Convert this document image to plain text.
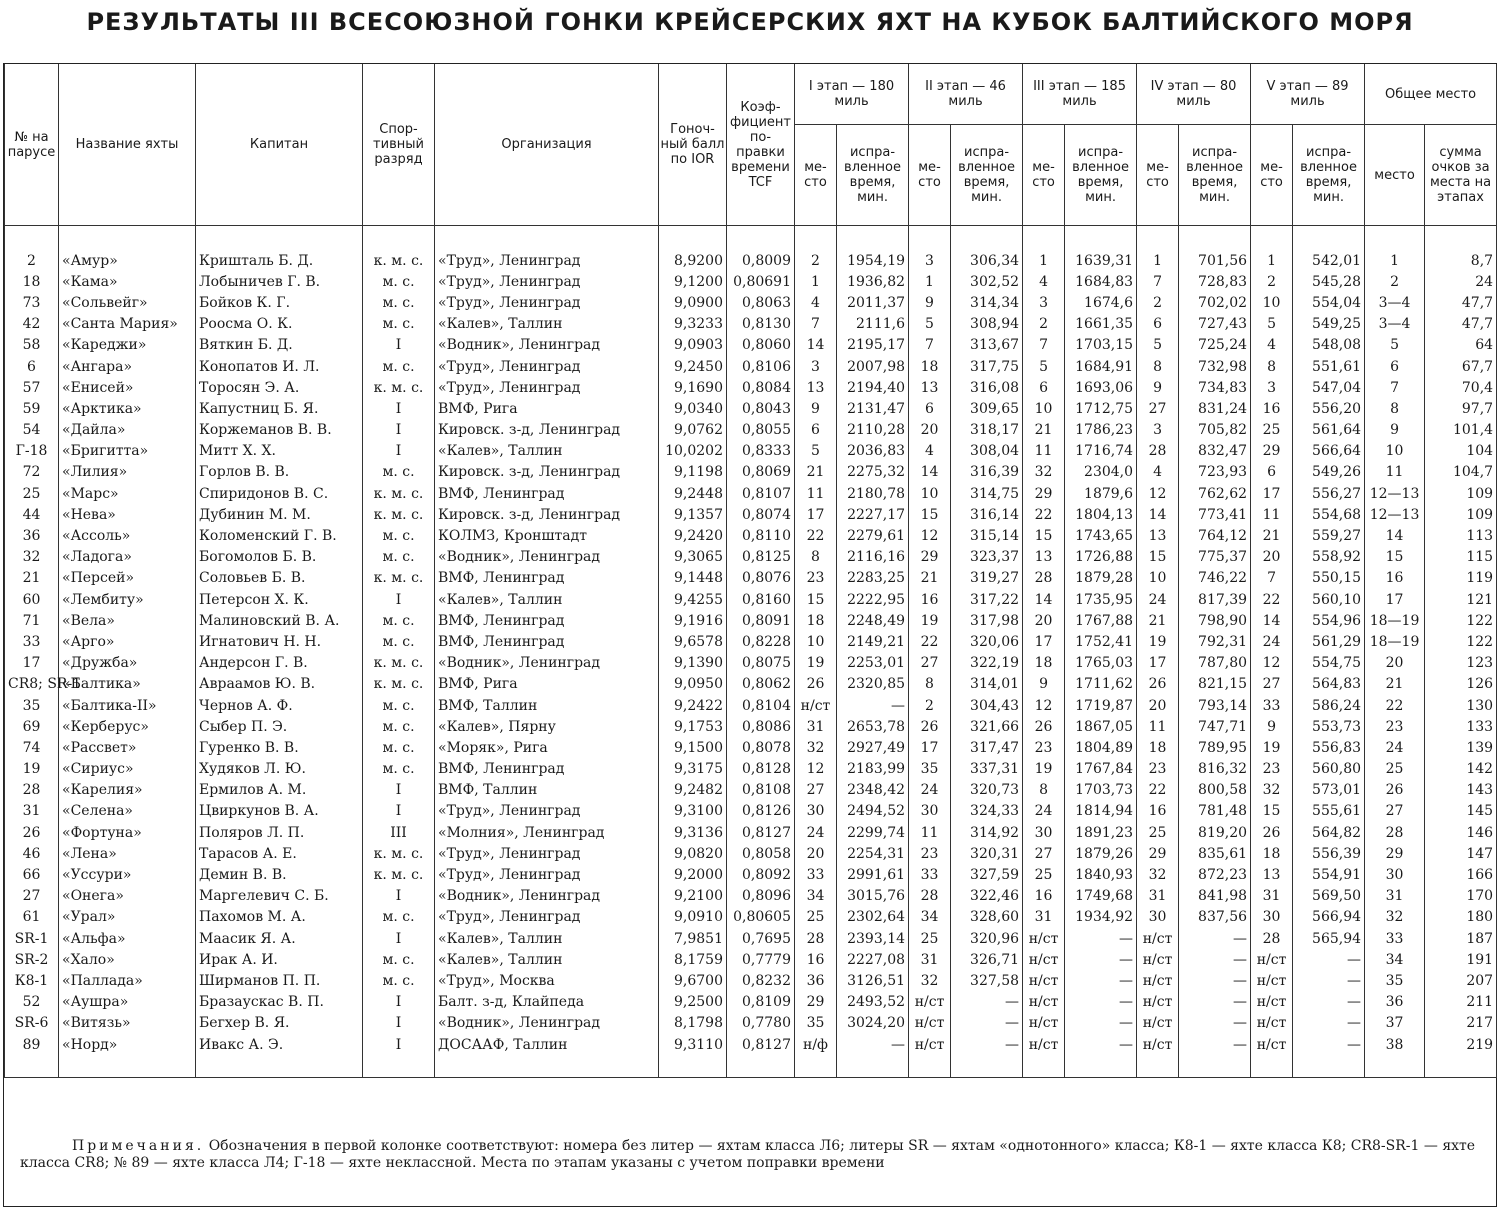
РЕЗУЛЬТАТЫ III ВСЕСОЮЗНОЙ ГОНКИ КРЕЙСЕРСКИХ ЯХТ НА КУБОК БАЛТИЙСКОГО МОРЯ
№ на парусе	Название яхты	Капитан	Спортивный разряд	Организация	Гоночный балл по IOR	Коэффициент поправки времени TCF	I этап — 180 миль		II этап — 46 миль		III этап — 185 миль		IV этап — 80 миль		V этап — 89 миль		Общее место	
							место	исправленное время, мин.	место	исправленное время, мин.	место	исправленное время, мин.	место	исправленное время, мин.	место	исправленное время, мин.	место	сумма очков за места на этапах

2	«Амур»	Кришталь Б. Д.	к. м. с.	«Труд», Ленинград	8,9200	0,8009	2	1954,19	3	306,34	1	1639,31	1	701,56	1	542,01	1	8,7
18	«Кама»	Лобыничев Г. В.	м. с.	«Труд», Ленинград	9,1200	0,80691	1	1936,82	1	302,52	4	1684,83	7	728,83	2	545,28	2	24
73	«Сольвейг»	Бойков К. Г.	м. с.	«Труд», Ленинград	9,0900	0,8063	4	2011,37	9	314,34	3	1674,6	2	702,02	10	554,04	3—4	47,7
42	«Санта Мария»	Роосма О. К.	м. с.	«Калев», Таллин	9,3233	0,8130	7	2111,6	5	308,94	2	1661,35	6	727,43	5	549,25	3—4	47,7
58	«Кареджи»	Вяткин Б. Д.	I	«Водник», Ленинград	9,0903	0,8060	14	2195,17	7	313,67	7	1703,15	5	725,24	4	548,08	5	64
6	«Ангара»	Конопатов И. Л.	м. с.	«Труд», Ленинград	9,2450	0,8106	3	2007,98	18	317,75	5	1684,91	8	732,98	8	551,61	6	67,7
57	«Енисей»	Торосян Э. А.	к. м. с.	«Труд», Ленинград	9,1690	0,8084	13	2194,40	13	316,08	6	1693,06	9	734,83	3	547,04	7	70,4
59	«Арктика»	Капустниц Б. Я.	I	ВМФ, Рига	9,0340	0,8043	9	2131,47	6	309,65	10	1712,75	27	831,24	16	556,20	8	97,7
54	«Дайла»	Коржеманов В. В.	I	Кировск. з-д, Ленинград	9,0762	0,8055	6	2110,28	20	318,17	21	1786,23	3	705,82	25	561,64	9	101,4
Г-18	«Бригитта»	Митт Х. Х.	I	«Калев», Таллин	10,0202	0,8333	5	2036,83	4	308,04	11	1716,74	28	832,47	29	566,64	10	104
72	«Лилия»	Горлов В. В.	м. с.	Кировск. з-д, Ленинград	9,1198	0,8069	21	2275,32	14	316,39	32	2304,0	4	723,93	6	549,26	11	104,7
25	«Марс»	Спиридонов В. С.	к. м. с.	ВМФ, Ленинград	9,2448	0,8107	11	2180,78	10	314,75	29	1879,6	12	762,62	17	556,27	12—13	109
44	«Нева»	Дубинин М. М.	к. м. с.	Кировск. з-д, Ленинград	9,1357	0,8074	17	2227,17	15	316,14	22	1804,13	14	773,41	11	554,68	12—13	109
36	«Ассоль»	Коломенский Г. В.	м. с.	КОЛМЗ, Кронштадт	9,2420	0,8110	22	2279,61	12	315,14	15	1743,65	13	764,12	21	559,27	14	113
32	«Ладога»	Богомолов Б. В.	м. с.	«Водник», Ленинград	9,3065	0,8125	8	2116,16	29	323,37	13	1726,88	15	775,37	20	558,92	15	115
21	«Персей»	Соловьев Б. В.	к. м. с.	ВМФ, Ленинград	9,1448	0,8076	23	2283,25	21	319,27	28	1879,28	10	746,22	7	550,15	16	119
60	«Лембиту»	Петерсон Х. К.	I	«Калев», Таллин	9,4255	0,8160	15	2222,95	16	317,22	14	1735,95	24	817,39	22	560,10	17	121
71	«Вела»	Малиновский В. А.	м. с.	ВМФ, Ленинград	9,1916	0,8091	18	2248,49	19	317,98	20	1767,88	21	798,90	14	554,96	18—19	122
33	«Арго»	Игнатович Н. Н.	м. с.	ВМФ, Ленинград	9,6578	0,8228	10	2149,21	22	320,06	17	1752,41	19	792,31	24	561,29	18—19	122
17	«Дружба»	Андерсон Г. В.	к. м. с.	«Водник», Ленинград	9,1390	0,8075	19	2253,01	27	322,19	18	1765,03	17	787,80	12	554,75	20	123
CR8; SR-1	«Балтика»	Авраамов Ю. В.	к. м. с.	ВМФ, Рига	9,0950	0,8062	26	2320,85	8	314,01	9	1711,62	26	821,15	27	564,83	21	126
35	«Балтика-II»	Чернов А. Ф.	м. с.	ВМФ, Таллин	9,2422	0,8104	н/ст	—	2	304,43	12	1719,87	20	793,14	33	586,24	22	130
69	«Керберус»	Сыбер П. Э.	м. с.	«Калев», Пярну	9,1753	0,8086	31	2653,78	26	321,66	26	1867,05	11	747,71	9	553,73	23	133
74	«Рассвет»	Гуренко В. В.	м. с.	«Моряк», Рига	9,1500	0,8078	32	2927,49	17	317,47	23	1804,89	18	789,95	19	556,83	24	139
19	«Сириус»	Худяков Л. Ю.	м. с.	ВМФ, Ленинград	9,3175	0,8128	12	2183,99	35	337,31	19	1767,84	23	816,32	23	560,80	25	142
28	«Карелия»	Ермилов А. М.	I	ВМФ, Таллин	9,2482	0,8108	27	2348,42	24	320,73	8	1703,73	22	800,58	32	573,01	26	143
31	«Селена»	Цвиркунов В. А.	I	«Труд», Ленинград	9,3100	0,8126	30	2494,52	30	324,33	24	1814,94	16	781,48	15	555,61	27	145
26	«Фортуна»	Поляров Л. П.	III	«Молния», Ленинград	9,3136	0,8127	24	2299,74	11	314,92	30	1891,23	25	819,20	26	564,82	28	146
46	«Лена»	Тарасов А. Е.	к. м. с.	«Труд», Ленинград	9,0820	0,8058	20	2254,31	23	320,31	27	1879,26	29	835,61	18	556,39	29	147
66	«Уссури»	Демин В. В.	к. м. с.	«Труд», Ленинград	9,2000	0,8092	33	2991,61	33	327,59	25	1840,93	32	872,23	13	554,91	30	166
27	«Онега»	Маргелевич С. Б.	I	«Водник», Ленинград	9,2100	0,8096	34	3015,76	28	322,46	16	1749,68	31	841,98	31	569,50	31	170
61	«Урал»	Пахомов М. А.	м. с.	«Труд», Ленинград	9,0910	0,80605	25	2302,64	34	328,60	31	1934,92	30	837,56	30	566,94	32	180
SR-1	«Альфа»	Маасик Я. А.	I	«Калев», Таллин	7,9851	0,7695	28	2393,14	25	320,96	н/ст	—	н/ст	—	28	565,94	33	187
SR-2	«Хало»	Ирак А. И.	м. с.	«Калев», Таллин	8,1759	0,7779	16	2227,08	31	326,71	н/ст	—	н/ст	—	н/ст	—	34	191
К8-1	«Паллада»	Ширманов П. П.	м. с.	«Труд», Москва	9,6700	0,8232	36	3126,51	32	327,58	н/ст	—	н/ст	—	н/ст	—	35	207
52	«Аушра»	Бразаускас В. П.	I	Балт. з-д, Клайпеда	9,2500	0,8109	29	2493,52	н/ст	—	н/ст	—	н/ст	—	н/ст	—	36	211
SR-6	«Витязь»	Бегхер В. Я.	I	«Водник», Ленинград	8,1798	0,7780	35	3024,20	н/ст	—	н/ст	—	н/ст	—	н/ст	—	37	217
89	«Норд»	Ивакс А. Э.	I	ДОСААФ, Таллин	9,3110	0,8127	н/ф	—	н/ст	—	н/ст	—	н/ст	—	н/ст	—	38	219

Примечания. Обозначения в первой колонке соответствуют: номера без литер — яхтам класса Л6; литеры SR — яхтам «однотонного» класса; К8-1 — яхте класса К8; CR8-SR-1 — яхте класса CR8; № 89 — яхте класса Л4; Г-18 — яхте неклассной. Места по этапам указаны с учетом поправки времени
